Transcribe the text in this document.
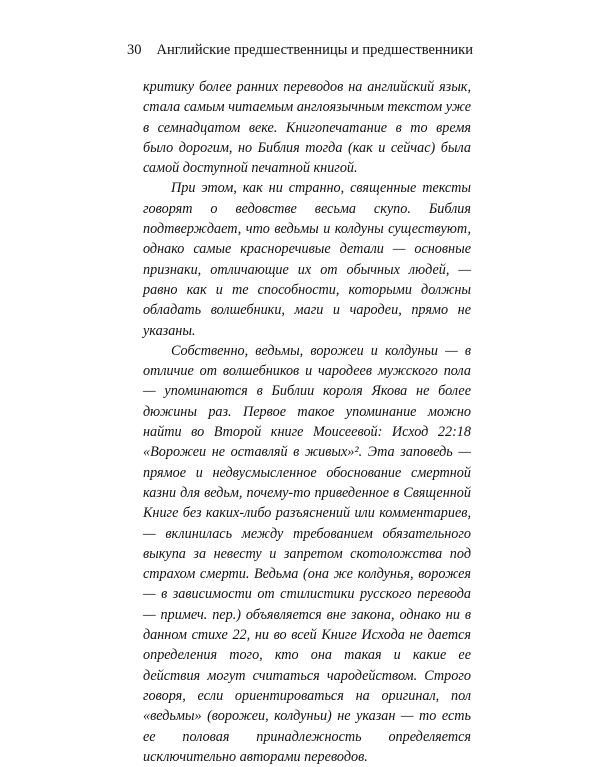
30 Английские предшественницы и предшественники

критику более ранних переводов на английский язык, стала самым читаемым англоязычным текстом уже в семнадцатом веке. Книгопечатание в то время было дорогим, но Библия тогда (как и сейчас) была самой доступной печатной книгой.

При этом, как ни странно, священные тексты говорят о ведовстве весьма скупо. Библия подтверждает, что ведьмы и колдуны существуют, однако самые красноречивые детали — основные признаки, отличающие их от обычных людей, — равно как и те способности, которыми должны обладать волшебники, маги и чародеи, прямо не указаны.

Собственно, ведьмы, ворожеи и колдуньи — в отличие от волшебников и чародеев мужского пола — упоминаются в Библии короля Якова не более дюжины раз. Первое такое упоминание можно найти во Второй книге Моисеевой: Исход 22:18 «Ворожеи не оставляй в живых»². Эта заповедь — прямое и недвусмысленное обоснование смертной казни для ведьм, почему-то приведенное в Священной Книге без каких-либо разъяснений или комментариев, — вклинилась между требованием обязательного выкупа за невесту и запретом скотоложства под страхом смерти. Ведьма (она же колдунья, ворожея — в зависимости от стилистики русского перевода — примеч. пер.) объявляется вне закона, однако ни в данном стихе 22, ни во всей Книге Исхода не дается определения того, кто она такая и какие ее действия могут считаться чародейством. Строго говоря, если ориентироваться на оригинал, пол «ведьмы» (ворожеи, колдуньи) не указан — то есть ее половая принадлежность определяется исключительно авторами переводов.
